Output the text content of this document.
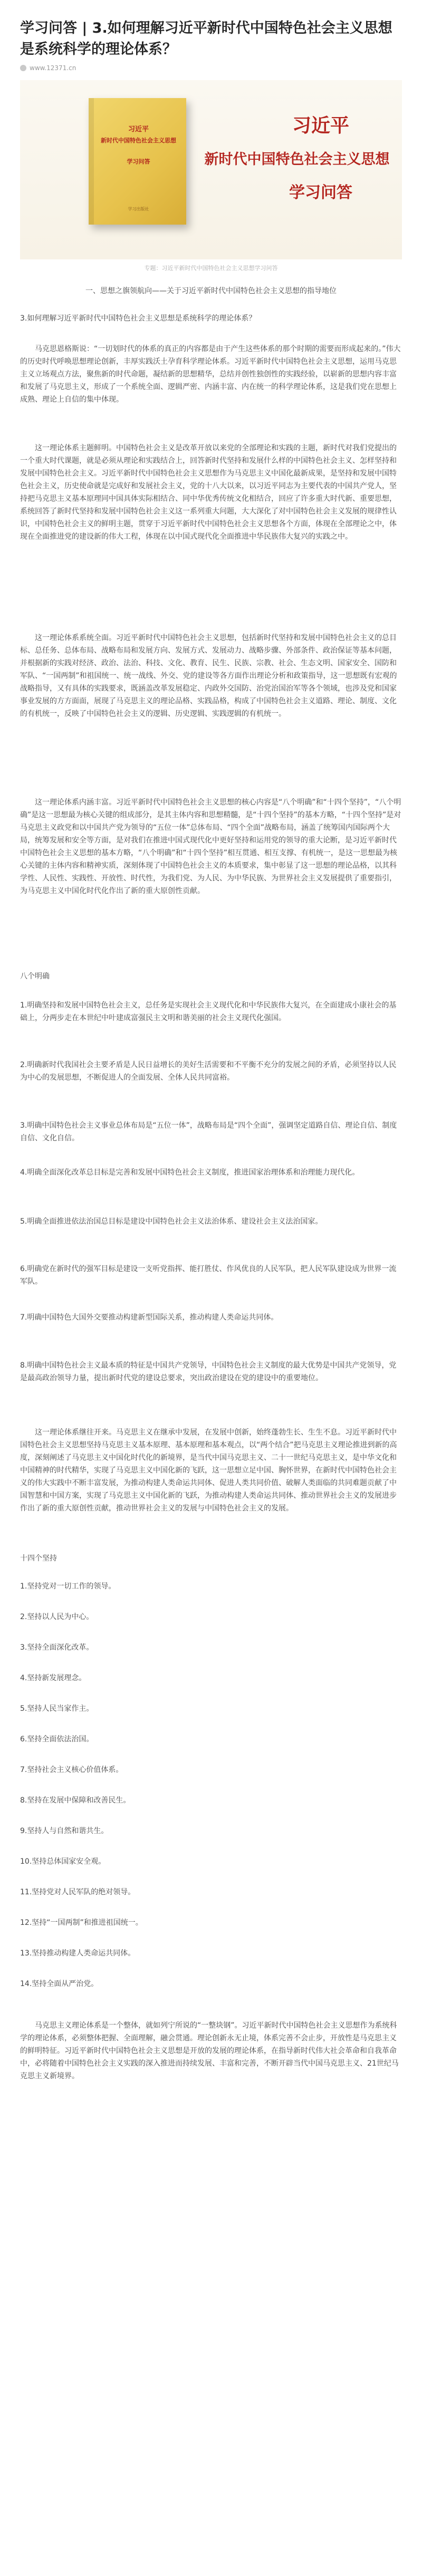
学习问答 | 3.如何理解习近平新时代中国特色社会主义思想是系统科学的理论体系？
www.12371.cn
习近平
新时代中国特色社会主义思想
学习问答
学习出版社
习近平
新时代中国特色社会主义思想
学习问答
专题：习近平新时代中国特色社会主义思想学习问答

一、思想之旗领航向——关于习近平新时代中国特色社会主义思想的指导地位

3.如何理解习近平新时代中国特色社会主义思想是系统科学的理论体系？

马克思恩格斯说：“一切划时代的体系的真正的内容都是由于产生这些体系的那个时期的需要而形成起来的。”伟大的历史时代呼唤思想理论创新，丰厚实践沃土孕育科学理论体系。习近平新时代中国特色社会主义思想，运用马克思主义立场观点方法，聚焦新的时代命题，凝结新的思想精华，总结并创性独创性的实践经验，以崭新的思想内容丰富和发展了马克思主义，形成了一个系统全面、逻辑严密、内涵丰富、内在统一的科学理论体系，这是我们党在思想上成熟、理论上自信的集中体现。

这一理论体系主题鲜明。中国特色社会主义是改革开放以来党的全部理论和实践的主题，新时代对我们党提出的一个重大时代课题，就是必须从理论和实践结合上，回答新时代坚持和发展什么样的中国特色社会主义、怎样坚持和发展中国特色社会主义。习近平新时代中国特色社会主义思想作为马克思主义中国化最新成果，是坚持和发展中国特色社会主义，历史使命就是完成好和发展社会主义，党的十八大以来，以习近平同志为主要代表的中国共产党人，坚持把马克思主义基本原理同中国具体实际相结合、同中华优秀传统文化相结合，回应了许多重大时代新、重要思想，系统回答了新时代坚持和发展中国特色社会主义这一系列重大问题，大大深化了对中国特色社会主义发展的规律性认识，中国特色社会主义的鲜明主题，贯穿于习近平新时代中国特色社会主义思想各个方面，体现在全部理论之中，体现在全面推进党的建设新的伟大工程，体现在以中国式现代化全面推进中华民族伟大复兴的实践之中。

这一理论体系系统全面。习近平新时代中国特色社会主义思想，包括新时代坚持和发展中国特色社会主义的总目标、总任务、总体布局、战略布局和发展方向、发展方式、发展动力、战略步骤、外部条件、政治保证等基本问题，并根据新的实践对经济、政治、法治、科技、文化、教育、民生、民族、宗教、社会、生态文明、国家安全、国防和军队、“一国两制”和祖国统一、统一战线、外交、党的建设等各方面作出理论分析和政策指导，这一思想既有宏观的战略指导，又有具体的实践要求，既涵盖改革发展稳定、内政外交国防、治党治国治军等各个领域，也涉及党和国家事业发展的方方面面，展现了马克思主义的理论品格、实践品格，构成了中国特色社会主义道路、理论、制度、文化的有机统一，反映了中国特色社会主义的逻辑、历史逻辑、实践逻辑的有机统一。

这一理论体系内涵丰富。习近平新时代中国特色社会主义思想的核心内容是“八个明确”和“十四个坚持”，“八个明确”是这一思想最为核心关键的组成部分，是其主体内容和思想精髓，是“十四个坚持”的基本方略，“十四个坚持”是对马克思主义政党和以中国共产党为领导的“五位一体”总体布局、“四个全面”战略布局，涵盖了统筹国内国际两个大局，统筹发展和安全等方面，是对我们在推进中国式现代化中更好坚持和运用党的领导的重大论断，是习近平新时代中国特色社会主义思想的基本方略，“八个明确”和“十四个坚持”相互贯通、相互支撑、有机统一，是这一思想最为核心关键的主体内容和精神实质，深刻体现了中国特色社会主义的本质要求，集中彰显了这一思想的理论品格，以其科学性、人民性、实践性、开放性、时代性，为我们党、为人民、为中华民族、为世界社会主义发展提供了重要指引，为马克思主义中国化时代化作出了新的重大原创性贡献。

八个明确

1.明确坚持和发展中国特色社会主义，总任务是实现社会主义现代化和中华民族伟大复兴，在全面建成小康社会的基础上，分两步走在本世纪中叶建成富强民主文明和谐美丽的社会主义现代化强国。

2.明确新时代我国社会主要矛盾是人民日益增长的美好生活需要和不平衡不充分的发展之间的矛盾，必须坚持以人民为中心的发展思想，不断促进人的全面发展、全体人民共同富裕。

3.明确中国特色社会主义事业总体布局是“五位一体”，战略布局是“四个全面”，强调坚定道路自信、理论自信、制度自信、文化自信。

4.明确全面深化改革总目标是完善和发展中国特色社会主义制度，推进国家治理体系和治理能力现代化。

5.明确全面推进依法治国总目标是建设中国特色社会主义法治体系、建设社会主义法治国家。

6.明确党在新时代的强军目标是建设一支听党指挥、能打胜仗、作风优良的人民军队，把人民军队建设成为世界一流军队。

7.明确中国特色大国外交要推动构建新型国际关系，推动构建人类命运共同体。

8.明确中国特色社会主义最本质的特征是中国共产党领导，中国特色社会主义制度的最大优势是中国共产党领导，党是最高政治领导力量，提出新时代党的建设总要求，突出政治建设在党的建设中的重要地位。

这一理论体系继往开来。马克思主义在继承中发展，在发展中创新，始终蓬勃生长、生生不息。习近平新时代中国特色社会主义思想坚持马克思主义基本原理、基本原理和基本观点，以“两个结合”把马克思主义理论推进到新的高度，深刻阐述了马克思主义中国化时代化的新境界，是当代中国马克思主义、二十一世纪马克思主义，是中华文化和中国精神的时代精华，实现了马克思主义中国化新的飞跃，这一思想立足中国、胸怀世界，在新时代中国特色社会主义的伟大实践中不断丰富发展，为推动构建人类命运共同体、促进人类共同价值、破解人类面临的共同难题贡献了中国智慧和中国方案，实现了马克思主义中国化新的飞跃，为推动构建人类命运共同体、推动世界社会主义的发展进步作出了新的重大原创性贡献，推动世界社会主义的发展与中国特色社会主义的发展。

十四个坚持

1.坚持党对一切工作的领导。

2.坚持以人民为中心。

3.坚持全面深化改革。

4.坚持新发展理念。

5.坚持人民当家作主。

6.坚持全面依法治国。

7.坚持社会主义核心价值体系。

8.坚持在发展中保障和改善民生。

9.坚持人与自然和谐共生。

10.坚持总体国家安全观。

11.坚持党对人民军队的绝对领导。

12.坚持“一国两制”和推进祖国统一。

13.坚持推动构建人类命运共同体。

14.坚持全面从严治党。

马克思主义理论体系是一个整体，就如列宁所说的“一整块钢”。习近平新时代中国特色社会主义思想作为系统科学的理论体系，必须整体把握、全面理解，融会贯通。理论创新永无止境，体系完善不会止步，开放性是马克思主义的鲜明特征。习近平新时代中国特色社会主义思想是开放的发展的理论体系，在指导新时代伟大社会革命和自我革命中，必将随着中国特色社会主义实践的深入推进而持续发展、丰富和完善，不断开辟当代中国马克思主义、21世纪马克思主义新境界。
